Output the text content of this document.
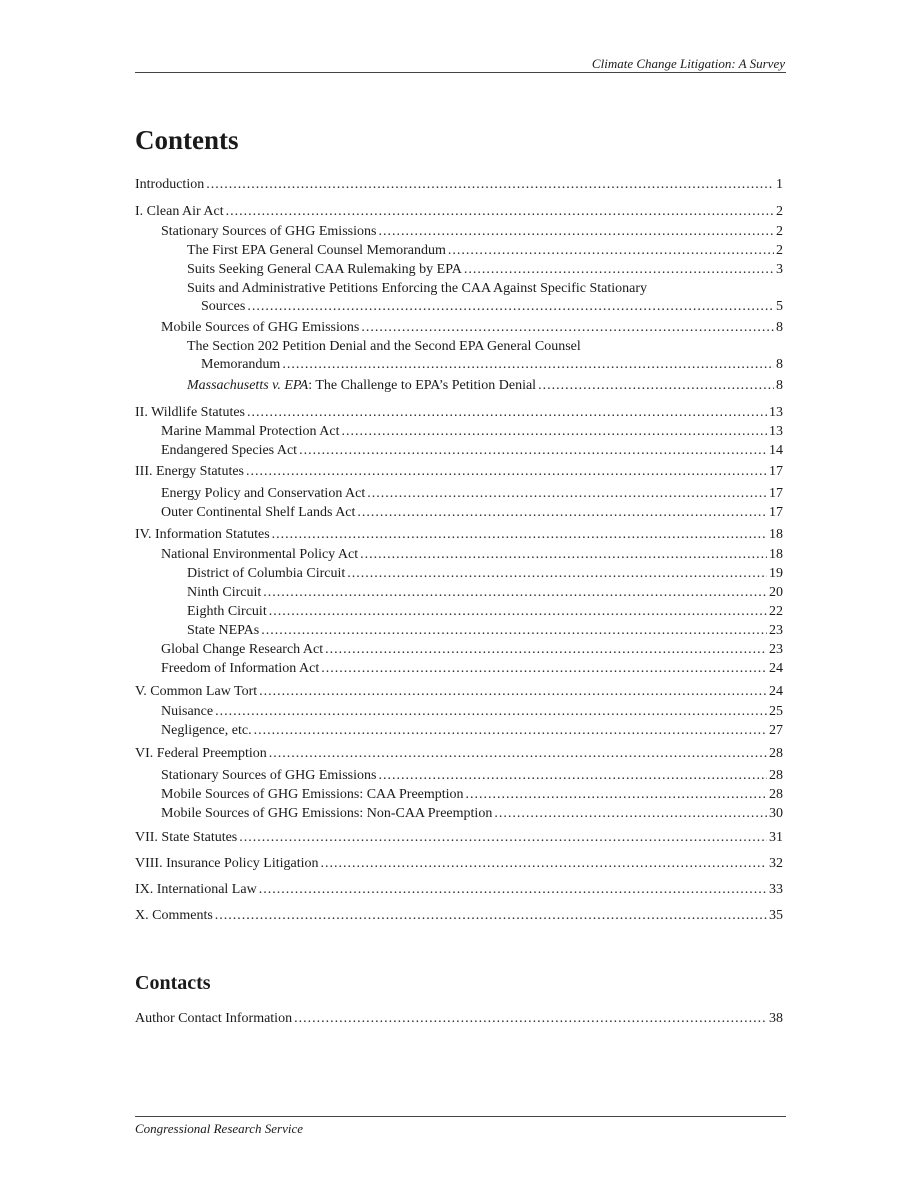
Climate Change Litigation: A Survey
Contents
Introduction .....	1
I. Clean Air Act .....	2
Stationary Sources of GHG Emissions .....	2
The First EPA General Counsel Memorandum .....	2
Suits Seeking General CAA Rulemaking by EPA .....	3
Suits and Administrative Petitions Enforcing the CAA Against Specific Stationary
Sources .....	5
Mobile Sources of GHG Emissions .....	8
The Section 202 Petition Denial and the Second EPA General Counsel
Memorandum .....	8
Massachusetts v. EPA: The Challenge to EPA’s Petition Denial .....	8
II. Wildlife Statutes .....	13
Marine Mammal Protection Act .....	13
Endangered Species Act .....	14
III. Energy Statutes .....	17
Energy Policy and Conservation Act .....	17
Outer Continental Shelf Lands Act .....	17
IV. Information Statutes .....	18
National Environmental Policy Act .....	18
District of Columbia Circuit .....	19
Ninth Circuit .....	20
Eighth Circuit .....	22
State NEPAs .....	23
Global Change Research Act .....	23
Freedom of Information Act .....	24
V. Common Law Tort .....	24
Nuisance .....	25
Negligence, etc. .....	27
VI. Federal Preemption .....	28
Stationary Sources of GHG Emissions .....	28
Mobile Sources of GHG Emissions: CAA Preemption .....	28
Mobile Sources of GHG Emissions: Non-CAA Preemption .....	30
VII. State Statutes .....	31
VIII. Insurance Policy Litigation .....	32
IX. International Law .....	33
X. Comments .....	35
Contacts
Author Contact Information .....	38
Congressional Research Service
